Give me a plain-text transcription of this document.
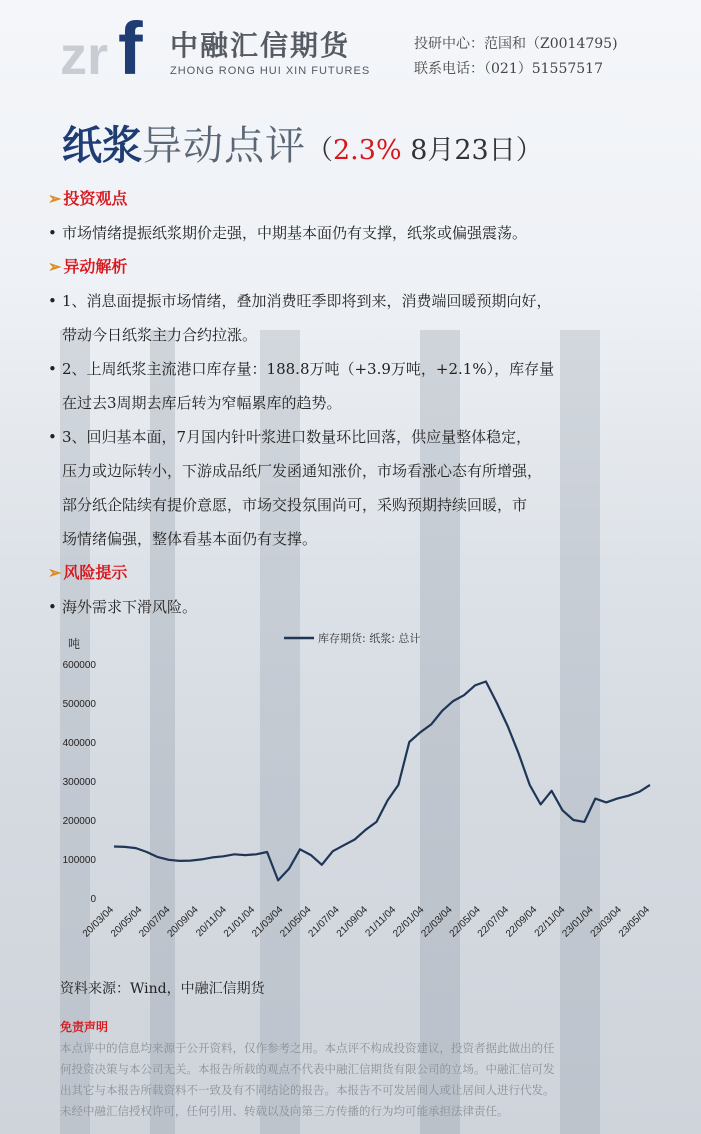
zr f 中融汇信期货
ZHONG RONG HUI XIN FUTURES
投研中心：范国和（Z0014795)
联系电话：（021）51557517
纸浆异动点评（2.3% 8月23日）
➢ 投资观点
• 市场情绪提振纸浆期价走强，中期基本面仍有支撑，纸浆或偏强震荡。
➢ 异动解析
• 1、消息面提振市场情绪，叠加消费旺季即将到来，消费端回暖预期向好，
带动今日纸浆主力合约拉涨。
• 2、上周纸浆主流港口库存量：188.8万吨（+3.9万吨，+2.1%），库存量
在过去3周期去库后转为窄幅累库的趋势。
• 3、回归基本面，7月国内针叶浆进口数量环比回落，供应量整体稳定，
压力或边际转小，下游成品纸厂发函通知涨价，市场看涨心态有所增强，
部分纸企陆续有提价意愿，市场交投氛围尚可，采购预期持续回暖，市
场情绪偏强，整体看基本面仍有支撑。
➢ 风险提示
• 海外需求下滑风险。
吨
600000
500000
400000
300000
200000
100000
0
库存期货: 纸浆: 总计
20/03/04
20/05/04
20/07/04
20/09/04
20/11/04
21/01/04
21/03/04
21/05/04
21/07/04
21/09/04
21/11/04
22/01/04
22/03/04
22/05/04
22/07/04
22/09/04
22/11/04
23/01/04
23/03/04
23/05/04
资料来源：Wind，中融汇信期货
免责声明
本点评中的信息均来源于公开资料，仅作参考之用。本点评不构成投资建议，投资者据此做出的任
何投资决策与本公司无关。本报告所载的观点不代表中融汇信期货有限公司的立场。中融汇信可发
出其它与本报告所载资料不一致及有不同结论的报告。本报告不可发居间人或让居间人进行代发。
未经中融汇信授权许可，任何引用、转载以及向第三方传播的行为均可能承担法律责任。
